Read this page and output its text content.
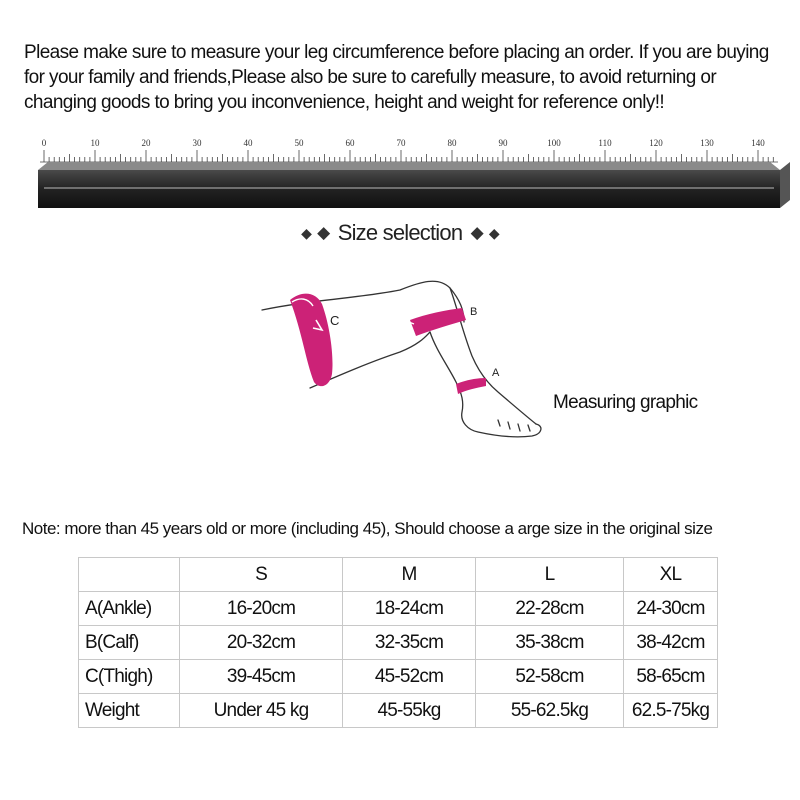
Please make sure to measure your leg circumference before placing an order. If you are buying for your family and friends,Please also be sure to carefully measure, to avoid returning or changing goods to bring you inconvenience, height and weight for reference only!!
0	10	20	30	40	50	60	70	80	90	100	110	120	130	140
◆ ◆ Size selection ◆ ◆
C
B
A
Measuring graphic
Note: more than 45 years old or more (including 45), Should choose a arge size in the original size
	S	M	L	XL
A(Ankle)	16-20cm	18-24cm	22-28cm	24-30cm
B(Calf)	20-32cm	32-35cm	35-38cm	38-42cm
C(Thigh)	39-45cm	45-52cm	52-58cm	58-65cm
Weight	Under 45 kg	45-55kg	55-62.5kg	62.5-75kg
